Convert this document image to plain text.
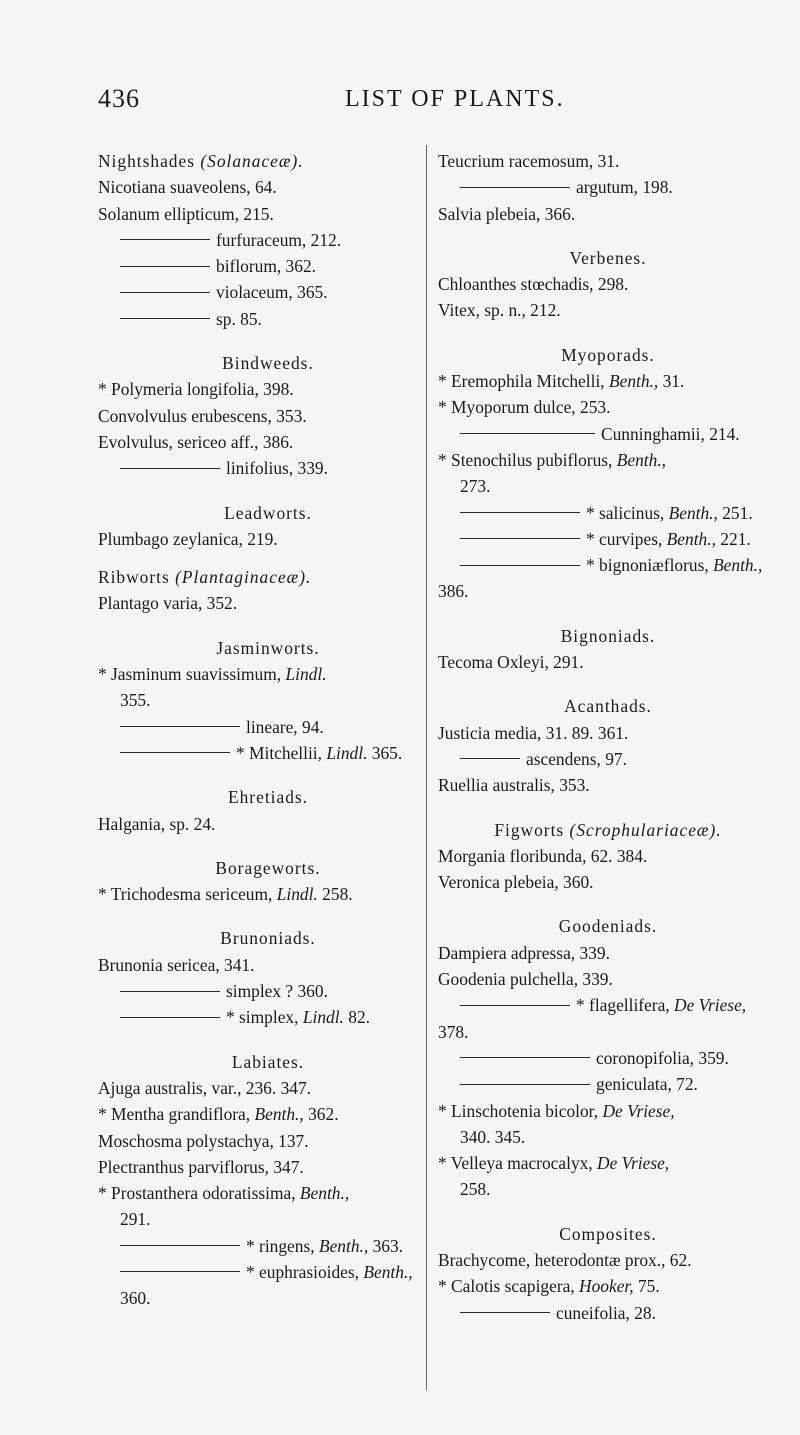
436	LIST OF PLANTS.
Nightshades (Solanaceæ).
Nicotiana suaveolens, 64.
Solanum ellipticum, 215.
furfuraceum, 212.
biflorum, 362.
violaceum, 365.
sp. 85.
Bindweeds.
* Polymeria longifolia, 398.
Convolvulus erubescens, 353.
Evolvulus, sericeo aff., 386.
linifolius, 339.
Leadworts.
Plumbago zeylanica, 219.
Ribworts (Plantaginaceæ).
Plantago varia, 352.
Jasminworts.
* Jasminum suavissimum, Lindl.
355.
lineare, 94.
* Mitchellii, Lindl. 365.
Ehretiads.
Halgania, sp. 24.
Borageworts.
* Trichodesma sericeum, Lindl. 258.
Brunoniads.
Brunonia sericea, 341.
simplex ? 360.
* simplex, Lindl. 82.
Labiates.
Ajuga australis, var., 236. 347.
* Mentha grandiflora, Benth., 362.
Moschosma polystachya, 137.
Plectranthus parviflorus, 347.
* Prostanthera odoratissima, Benth.,
291.
* ringens, Benth., 363.
* euphrasioides, Benth.,
360.
Teucrium racemosum, 31.
argutum, 198.
Salvia plebeia, 366.
Verbenes.
Chloanthes stœchadis, 298.
Vitex, sp. n., 212.
Myoporads.
* Eremophila Mitchelli, Benth., 31.
* Myoporum dulce, 253.
Cunninghamii, 214.
* Stenochilus pubiflorus, Benth.,
273.
* salicinus, Benth., 251.
* curvipes, Benth., 221.
* bignoniæflorus, Benth.,
386.
Bignoniads.
Tecoma Oxleyi, 291.
Acanthads.
Justicia media, 31. 89. 361.
ascendens, 97.
Ruellia australis, 353.
Figworts (Scrophulariaceæ).
Morgania floribunda, 62. 384.
Veronica plebeia, 360.
Goodeniads.
Dampiera adpressa, 339.
Goodenia pulchella, 339.
* flagellifera, De Vriese,
378.
coronopifolia, 359.
geniculata, 72.
* Linschotenia bicolor, De Vriese,
340. 345.
* Velleya macrocalyx, De Vriese,
258.
Composites.
Brachycome, heterodontæ prox., 62.
* Calotis scapigera, Hooker, 75.
cuneifolia, 28.
